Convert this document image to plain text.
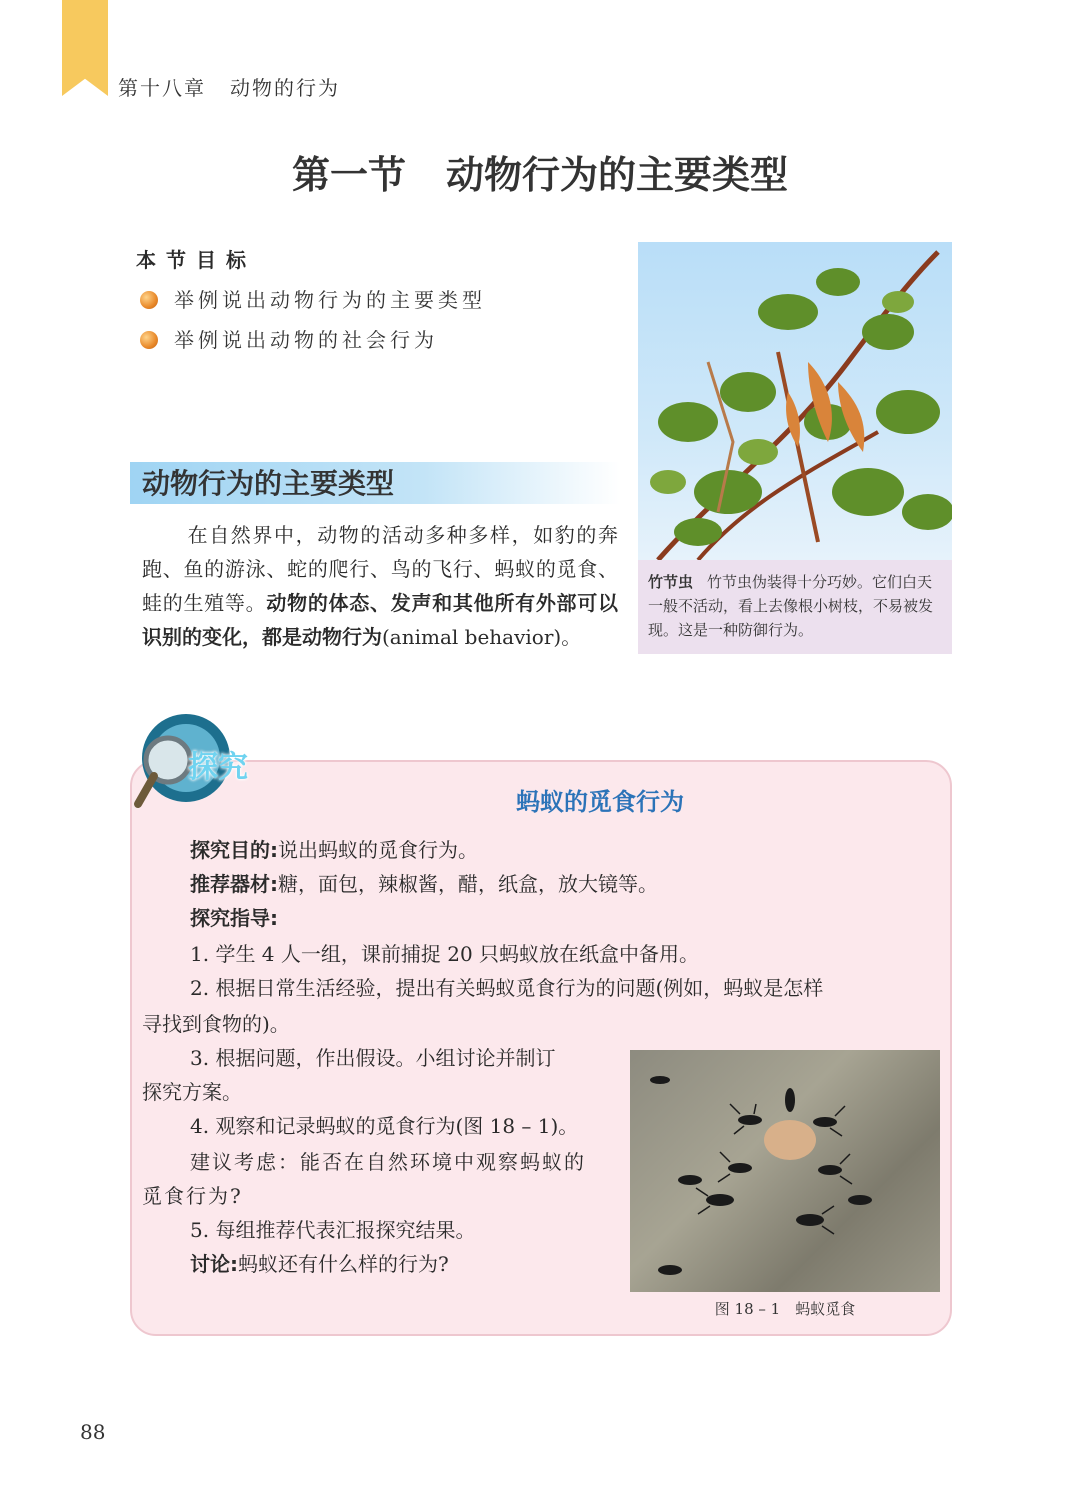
第十八章 动物的行为
第一节 动物行为的主要类型
本节目标
举例说出动物行为的主要类型
举例说出动物的社会行为
竹节虫 竹节虫伪装得十分巧妙。它们白天一般不活动，看上去像根小树枝，不易被发现。这是一种防御行为。
动物行为的主要类型
在自然界中，动物的活动多种多样，如豹的奔跑、鱼的游泳、蛇的爬行、鸟的飞行、蚂蚁的觅食、蛙的生殖等。动物的体态、发声和其他所有外部可以识别的变化，都是动物行为(animal behavior)。
探究
蚂蚁的觅食行为
探究目的:说出蚂蚁的觅食行为。
推荐器材:糖，面包，辣椒酱，醋，纸盒，放大镜等。
探究指导:
1. 学生 4 人一组，课前捕捉 20 只蚂蚁放在纸盒中备用。
2. 根据日常生活经验，提出有关蚂蚁觅食行为的问题(例如，蚂蚁是怎样
寻找到食物的)。
3. 根据问题，作出假设。小组讨论并制订
探究方案。
4. 观察和记录蚂蚁的觅食行为(图 18 – 1)。
建议考虑：能否在自然环境中观察蚂蚁的
觅食行为?
5. 每组推荐代表汇报探究结果。
讨论:蚂蚁还有什么样的行为?
图 18 – 1　蚂蚁觅食
88
